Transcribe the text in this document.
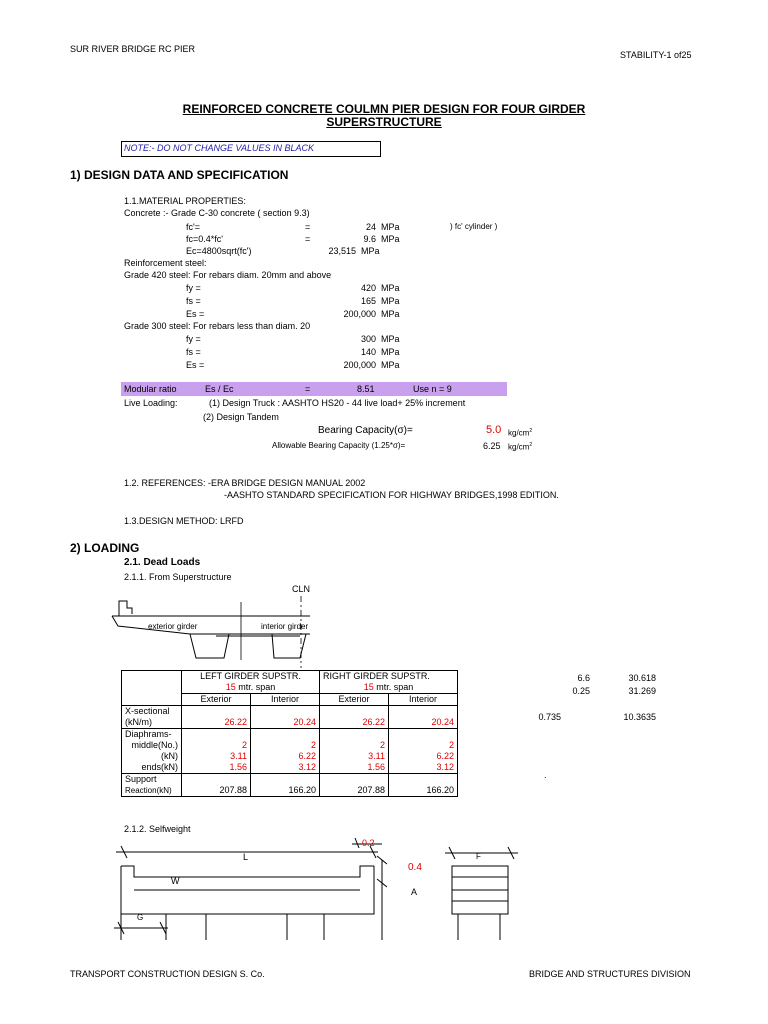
SUR RIVER BRIDGE RC PIER
STABILITY-1 of25
REINFORCED CONCRETE COULMN PIER DESIGN FOR FOUR GIRDER
SUPERSTRUCTURE
NOTE:- DO NOT CHANGE VALUES IN BLACK
1) DESIGN DATA AND SPECIFICATION
1.1.MATERIAL PROPERTIES:
Concrete :- Grade C-30 concrete ( section 9.3)
fc'=	=	24 MPa	) fc' cylinder )
fc=0.4*fc'	=	9.6 MPa
Ec=4800sqrt(fc')	23,515 MPa
Reinforcement steel:
Grade 420 steel: For rebars diam. 20mm and above
fy =	420 MPa
fs =	165 MPa
Es =	200,000 MPa
Grade 300 steel: For rebars less than diam. 20
fy =	300 MPa
fs =	140 MPa
Es =	200,000 MPa
Modular ratio	Es / Ec	=	8.51	Use n = 9
Live Loading:	(1) Design Truck : AASHTO HS20 - 44 live load+ 25% increment
(2) Design Tandem
Bearing Capacity(σ)=	5.0 $kg/cm^2$
Allowable Bearing Capacity (1.25*σ)=	6.25 $kg/cm^2$
1.2. REFERENCES: -ERA BRIDGE DESIGN MANUAL 2002
-AASHTO STANDARD SPECIFICATION FOR HIGHWAY BRIDGES,1998 EDITION.
1.3.DESIGN METHOD: LRFD
2) LOADING
2.1. Dead Loads
2.1.1. From Superstructure
CLN
exterior girder	interior girder
6.6	30.618
0.25	31.269
0.735	10.3635
.
	LEFT GIRDER SUPSTR.		RIGHT GIRDER SUPSTR.	
	15 mtr. span		15 mtr. span	
	Exterior	Interior	Exterior	Interior
X-sectional				
(kN/m)	26.22	20.24	26.22	20.24
Diaphrams-				
middle(No.)	2	2	2	2
(kN)	3.11	6.22	3.11	6.22
ends(kN)	1.56	3.12	1.56	3.12
Support				
Reaction(kN)	207.88	166.20	207.88	166.20
2.1.2. Selfweight
0.2
0.4
L
W
A
G
F
TRANSPORT CONSTRUCTION DESIGN S. Co.	BRIDGE AND STRUCTURES DIVISION
